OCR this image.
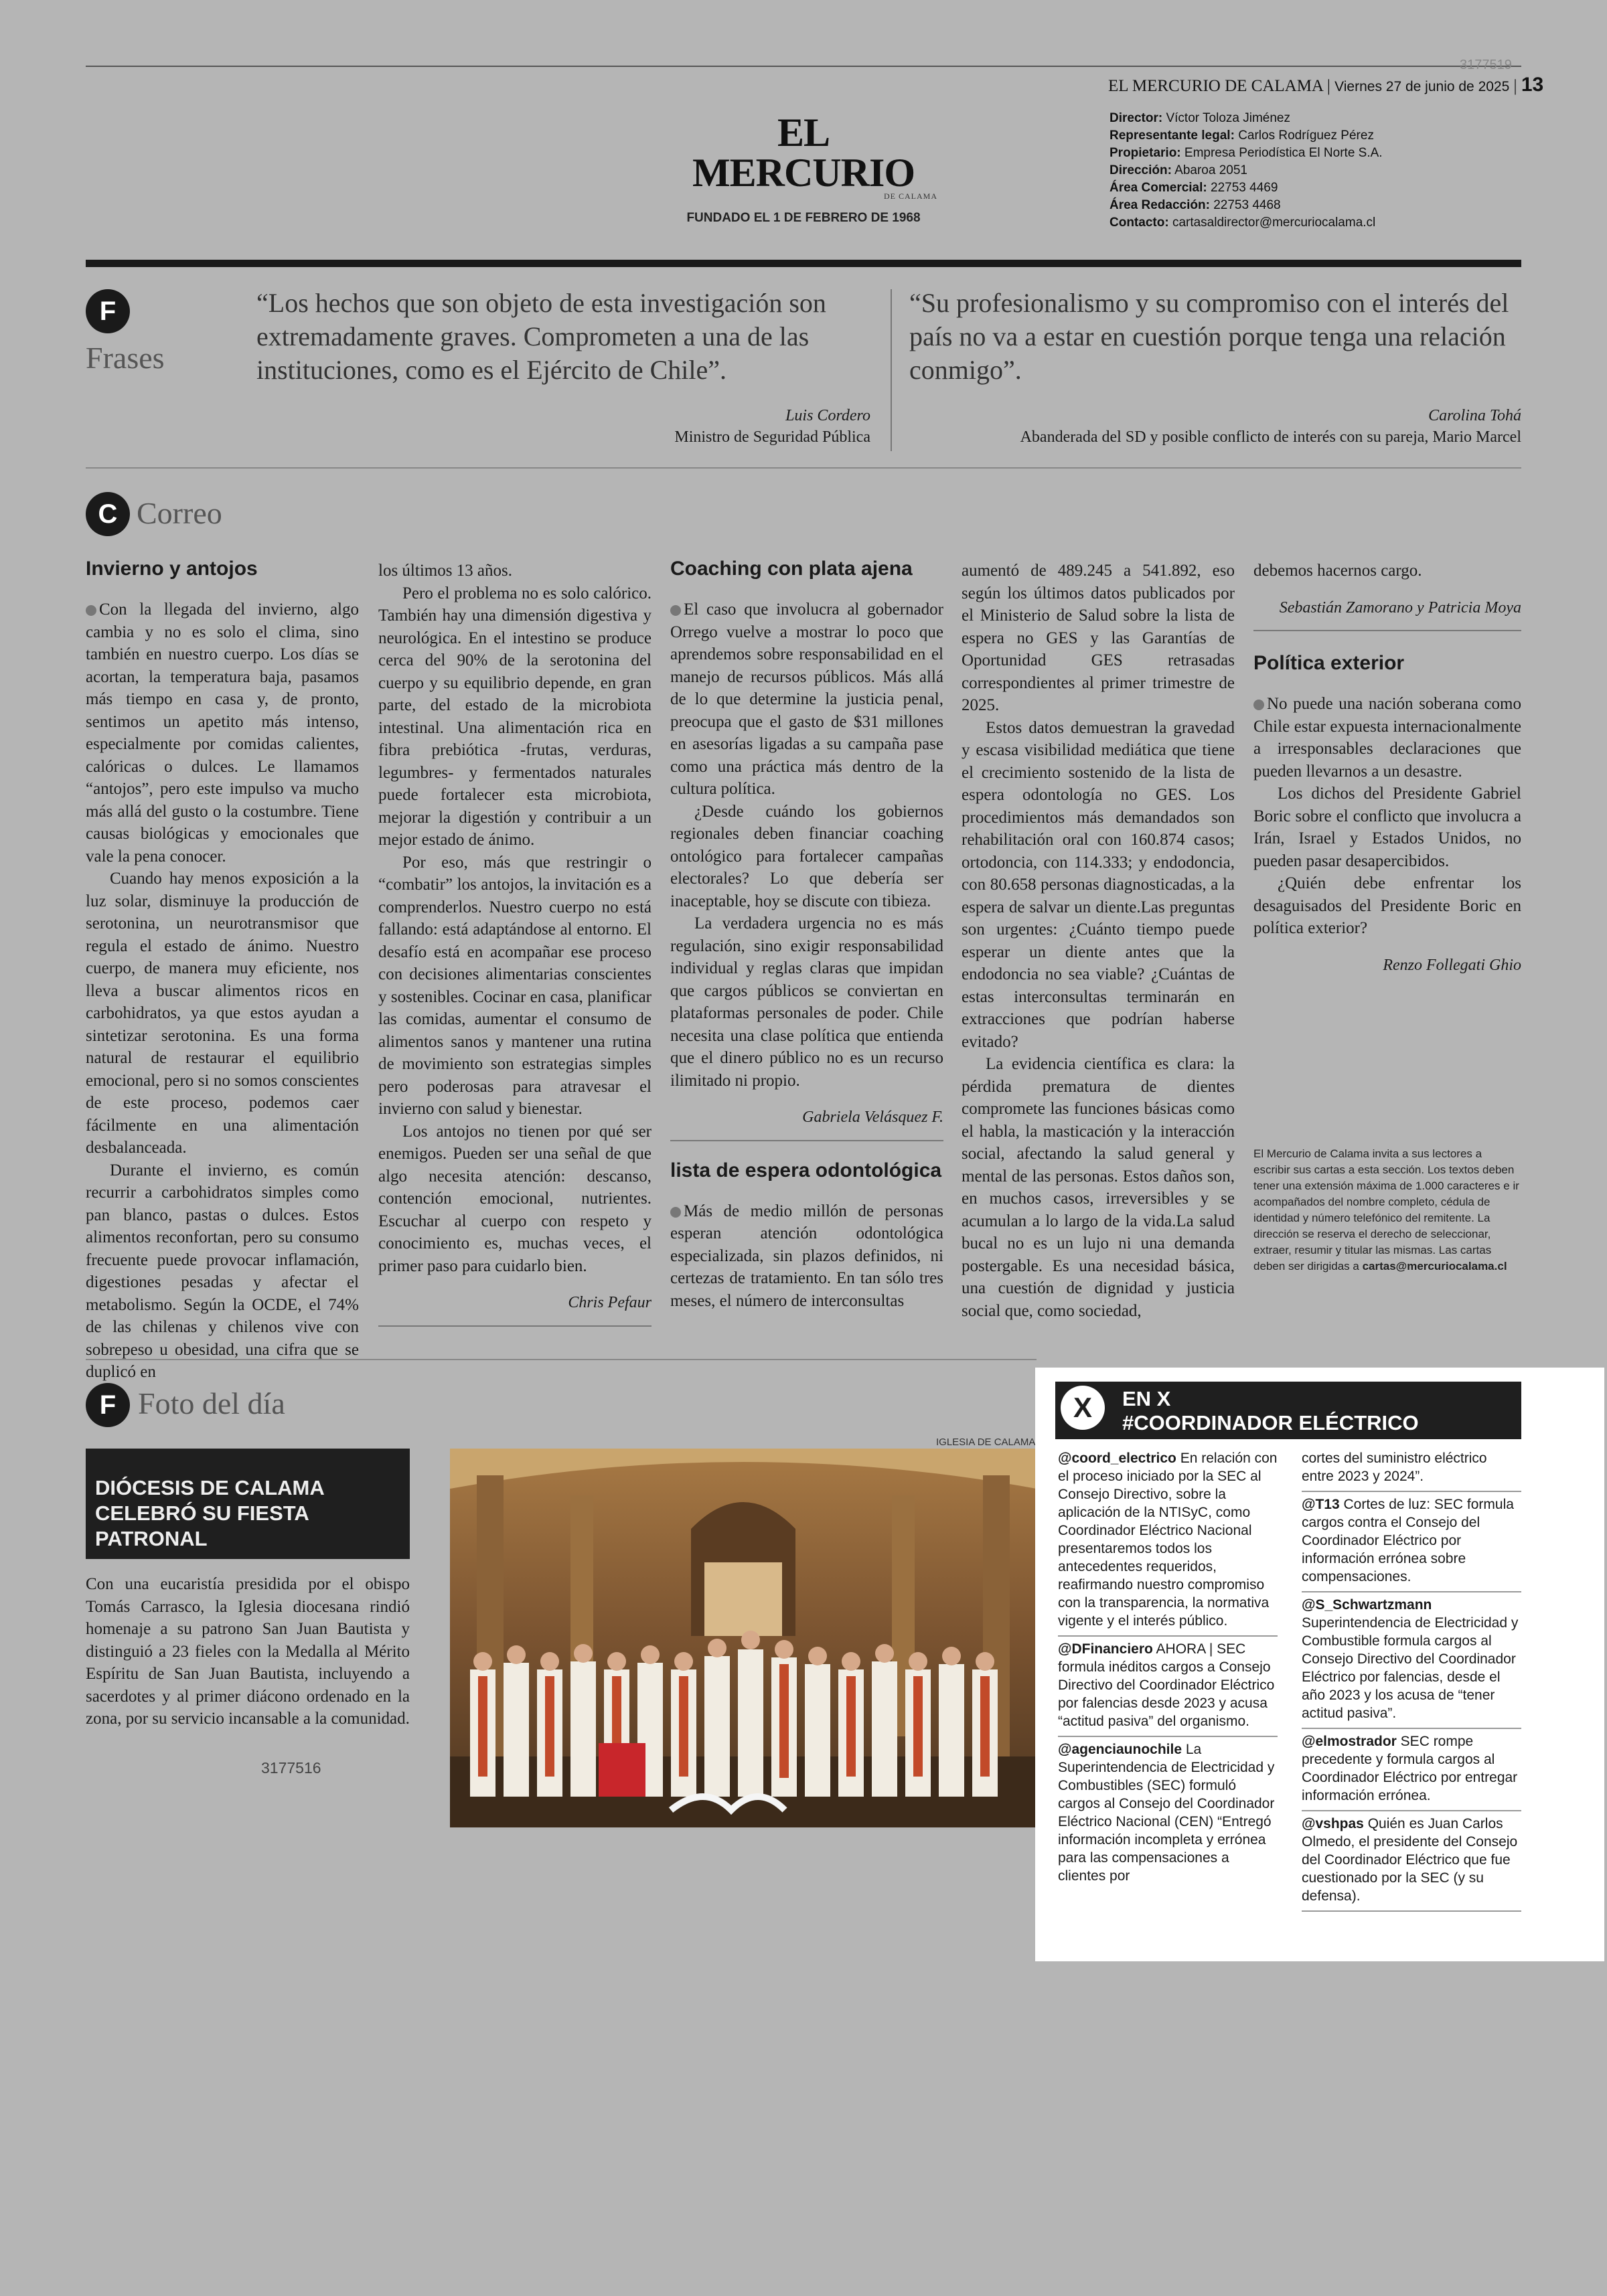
3177519
EL MERCURIO
DE CALAMA
FUNDADO EL 1 DE FEBRERO DE 1968
EL MERCURIO DE CALAMA | Viernes 27 de junio de 2025 | 13
Director: Víctor Toloza Jiménez
Representante legal: Carlos Rodríguez Pérez
Propietario: Empresa Periodística El Norte S.A.
Dirección: Abaroa 2051
Área Comercial: 22753 4469
Área Redacción: 22753 4468
Contacto: cartasaldirector@mercuriocalama.cl
F
Frases
“Los hechos que son objeto de esta investigación son extremadamente graves. Comprometen a una de las instituciones, como es el Ejército de Chile”.
Luis Cordero
Ministro de Seguridad Pública
“Su profesionalismo y su compromiso con el interés del país no va a estar en cuestión porque tenga una relación conmigo”.
Carolina Tohá
Abanderada del SD y posible conflicto de interés con su pareja, Mario Marcel
C Correo
Invierno y antojos

Con la llegada del invierno, algo cambia y no es solo el clima, sino también en nuestro cuerpo. Los días se acortan, la temperatura baja, pasamos más tiempo en casa y, de pronto, sentimos un apetito más intenso, especialmente por comidas calientes, calóricas o dulces. Le llamamos “antojos”, pero este impulso va mucho más allá del gusto o la costumbre. Tiene causas biológicas y emocionales que vale la pena conocer.

Cuando hay menos exposición a la luz solar, disminuye la producción de serotonina, un neurotransmisor que regula el estado de ánimo. Nuestro cuerpo, de manera muy eficiente, nos lleva a buscar alimentos ricos en carbohidratos, ya que estos ayudan a sintetizar serotonina. Es una forma natural de restaurar el equilibrio emocional, pero si no somos conscientes de este proceso, podemos caer fácilmente en una alimentación desbalanceada.

Durante el invierno, es común recurrir a carbohidratos simples como pan blanco, pastas o dulces. Estos alimentos reconfortan, pero su consumo frecuente puede provocar inflamación, digestiones pesadas y afectar el metabolismo. Según la OCDE, el 74% de las chilenas y chilenos vive con sobrepeso u obesidad, una cifra que se duplicó en

los últimos 13 años.

Pero el problema no es solo calórico. También hay una dimensión digestiva y neurológica. En el intestino se produce cerca del 90% de la serotonina del cuerpo y su equilibrio depende, en gran parte, del estado de la microbiota intestinal. Una alimentación rica en fibra prebiótica -frutas, verduras, legumbres- y fermentados naturales puede fortalecer esta microbiota, mejorar la digestión y contribuir a un mejor estado de ánimo.

Por eso, más que restringir o “combatir” los antojos, la invitación es a comprenderlos. Nuestro cuerpo no está fallando: está adaptándose al entorno. El desafío está en acompañar ese proceso con decisiones alimentarias conscientes y sostenibles. Cocinar en casa, planificar las comidas, aumentar el consumo de alimentos sanos y mantener una rutina de movimiento son estrategias simples pero poderosas para atravesar el invierno con salud y bienestar.

Los antojos no tienen por qué ser enemigos. Pueden ser una señal de que algo necesita atención: descanso, contención emocional, nutrientes. Escuchar al cuerpo con respeto y conocimiento es, muchas veces, el primer paso para cuidarlo bien.

Chris Pefaur
Coaching con plata ajena

El caso que involucra al gobernador Orrego vuelve a mostrar lo poco que aprendemos sobre responsabilidad en el manejo de recursos públicos. Más allá de lo que determine la justicia penal, preocupa que el gasto de $31 millones en asesorías ligadas a su campaña pase como una práctica más dentro de la cultura política.

¿Desde cuándo los gobiernos regionales deben financiar coaching ontológico para fortalecer campañas electorales? Lo que debería ser inaceptable, hoy se discute con tibieza.

La verdadera urgencia no es más regulación, sino exigir responsabilidad individual y reglas claras que impidan que cargos públicos se conviertan en plataformas personales de poder. Chile necesita una clase política que entienda que el dinero público no es un recurso ilimitado ni propio.

Gabriela Velásquez F.
lista de espera odontológica

Más de medio millón de personas esperan atención odontológica especializada, sin plazos definidos, ni certezas de tratamiento. En tan sólo tres meses, el número de interconsultas

aumentó de 489.245 a 541.892, eso según los últimos datos publicados por el Ministerio de Salud sobre la lista de espera no GES y las Garantías de Oportunidad GES retrasadas correspondientes al primer trimestre de 2025.

Estos datos demuestran la gravedad y escasa visibilidad mediática que tiene el crecimiento sostenido de la lista de espera odontología no GES. Los procedimientos más demandados son rehabilitación oral con 160.874 casos; ortodoncia, con 114.333; y endodoncia, con 80.658 personas diagnosticadas, a la espera de salvar un diente.Las preguntas son urgentes: ¿Cuánto tiempo puede esperar un diente antes que la endodoncia no sea viable? ¿Cuántas de estas interconsultas terminarán en extracciones que podrían haberse evitado?

La evidencia científica es clara: la pérdida prematura de dientes compromete las funciones básicas como el habla, la masticación y la interacción social, afectando la salud general y mental de las personas. Estos daños son, en muchos casos, irreversibles y se acumulan a lo largo de la vida.La salud bucal no es un lujo ni una demanda postergable. Es una necesidad básica, una cuestión de dignidad y justicia social que, como sociedad,

debemos hacernos cargo.

Sebastián Zamorano y Patricia Moya
Política exterior

No puede una nación soberana como Chile estar expuesta internacionalmente a irresponsables declaraciones que pueden llevarnos a un desastre.

Los dichos del Presidente Gabriel Boric sobre el conflicto que involucra a Irán, Israel y Estados Unidos, no pueden pasar desapercibidos.

¿Quién debe enfrentar los desaguisados del Presidente Boric en política exterior?

Renzo Follegati Ghio
El Mercurio de Calama invita a sus lectores a escribir sus cartas a esta sección. Los textos deben tener una extensión máxima de 1.000 caracteres e ir acompañados del nombre completo, cédula de identidad y número telefónico del remitente. La dirección se reserva el derecho de seleccionar, extraer, resumir y titular las mismas. Las cartas deben ser dirigidas a cartas@mercuriocalama.cl
F Foto del día
DIÓCESIS DE CALAMA CELEBRÓ SU FIESTA PATRONAL
Con una eucaristía presidida por el obispo Tomás Carrasco, la Iglesia diocesana rindió homenaje a su patrono San Juan Bautista y distinguió a 23 fieles con la Medalla al Mérito Espíritu de San Juan Bautista, incluyendo a sacerdotes y al primer diácono ordenado en la zona, por su servicio incansable a la comunidad.
3177516
IGLESIA DE CALAMA
EN X
#COORDINADOR ELÉCTRICO
X
@coord_electrico En relación con el proceso iniciado por la SEC al Consejo Directivo, sobre la aplicación de la NTISyC, como Coordinador Eléctrico Nacional presentaremos todos los antecedentes requeridos, reafirmando nuestro compromiso con la transparencia, la normativa vigente y el interés público.
@DFinanciero AHORA | SEC formula inéditos cargos a Consejo Directivo del Coordinador Eléctrico por falencias desde 2023 y acusa “actitud pasiva” del organismo.
@agenciaunochile La Superintendencia de Electricidad y Combustibles (SEC) formuló cargos al Consejo del Coordinador Eléctrico Nacional (CEN) “Entregó información incompleta y errónea para las compensaciones a clientes por
cortes del suministro eléctrico entre 2023 y 2024”.
@T13 Cortes de luz: SEC formula cargos contra el Consejo del Coordinador Eléctrico por información errónea sobre compensaciones.
@S_Schwartzmann Superintendencia de Electricidad y Combustible formula cargos al Consejo Directivo del Coordinador Eléctrico por falencias, desde el año 2023 y los acusa de “tener actitud pasiva”.
@elmostrador SEC rompe precedente y formula cargos al Coordinador Eléctrico por entregar información errónea.
@vshpas Quién es Juan Carlos Olmedo, el presidente del Consejo del Coordinador Eléctrico que fue cuestionado por la SEC (y su defensa).
